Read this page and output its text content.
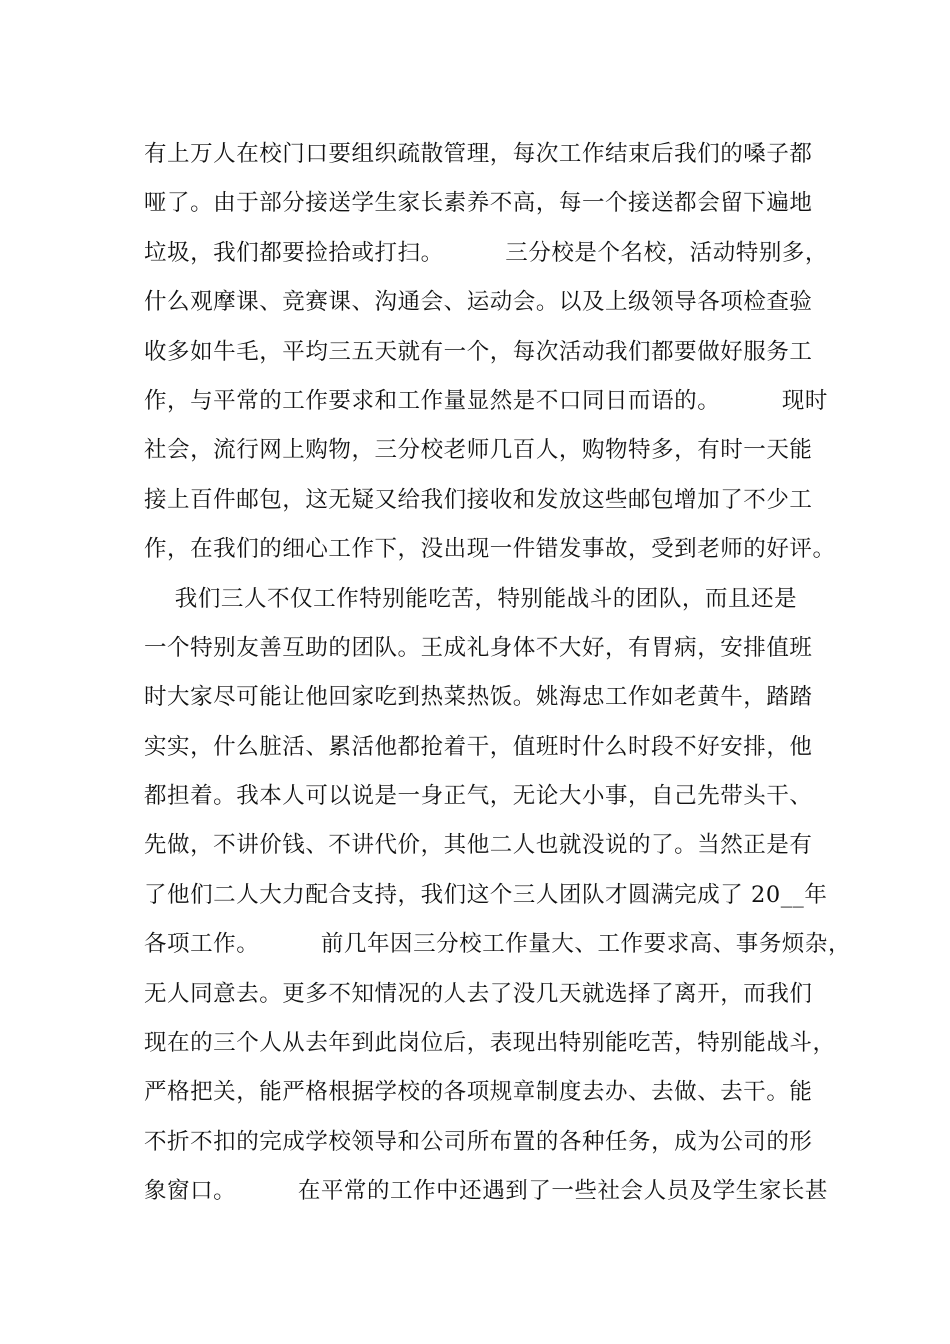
有上万人在校门口要组织疏散管理，每次工作结束后我们的嗓子都
哑了。由于部分接送学生家长素养不高，每一个接送都会留下遍地
垃圾，我们都要捡拾或打扫。        三分校是个名校，活动特别多，
什么观摩课、竞赛课、沟通会、运动会。以及上级领导各项检查验
收多如牛毛，平均三五天就有一个，每次活动我们都要做好服务工
作，与平常的工作要求和工作量显然是不口同日而语的。        现时
社会，流行网上购物，三分校老师几百人，购物特多，有时一天能
接上百件邮包，这无疑又给我们接收和发放这些邮包增加了不少工
作，在我们的细心工作下，没出现一件错发事故，受到老师的好评。
我们三人不仅工作特别能吃苦，特别能战斗的团队，而且还是
一个特别友善互助的团队。王成礼身体不大好，有胃病，安排值班
时大家尽可能让他回家吃到热菜热饭。姚海忠工作如老黄牛，踏踏
实实，什么脏活、累活他都抢着干，值班时什么时段不好安排，他
都担着。我本人可以说是一身正气，无论大小事，自己先带头干、
先做，不讲价钱、不讲代价，其他二人也就没说的了。当然正是有
了他们二人大力配合支持，我们这个三人团队才圆满完成了 20__年
各项工作。        前几年因三分校工作量大、工作要求高、事务烦杂，
无人同意去。更多不知情况的人去了没几天就选择了离开，而我们
现在的三个人从去年到此岗位后，表现出特别能吃苦，特别能战斗，
严格把关，能严格根据学校的各项规章制度去办、去做、去干。能
不折不扣的完成学校领导和公司所布置的各种任务，成为公司的形
象窗口。        在平常的工作中还遇到了一些社会人员及学生家长甚
